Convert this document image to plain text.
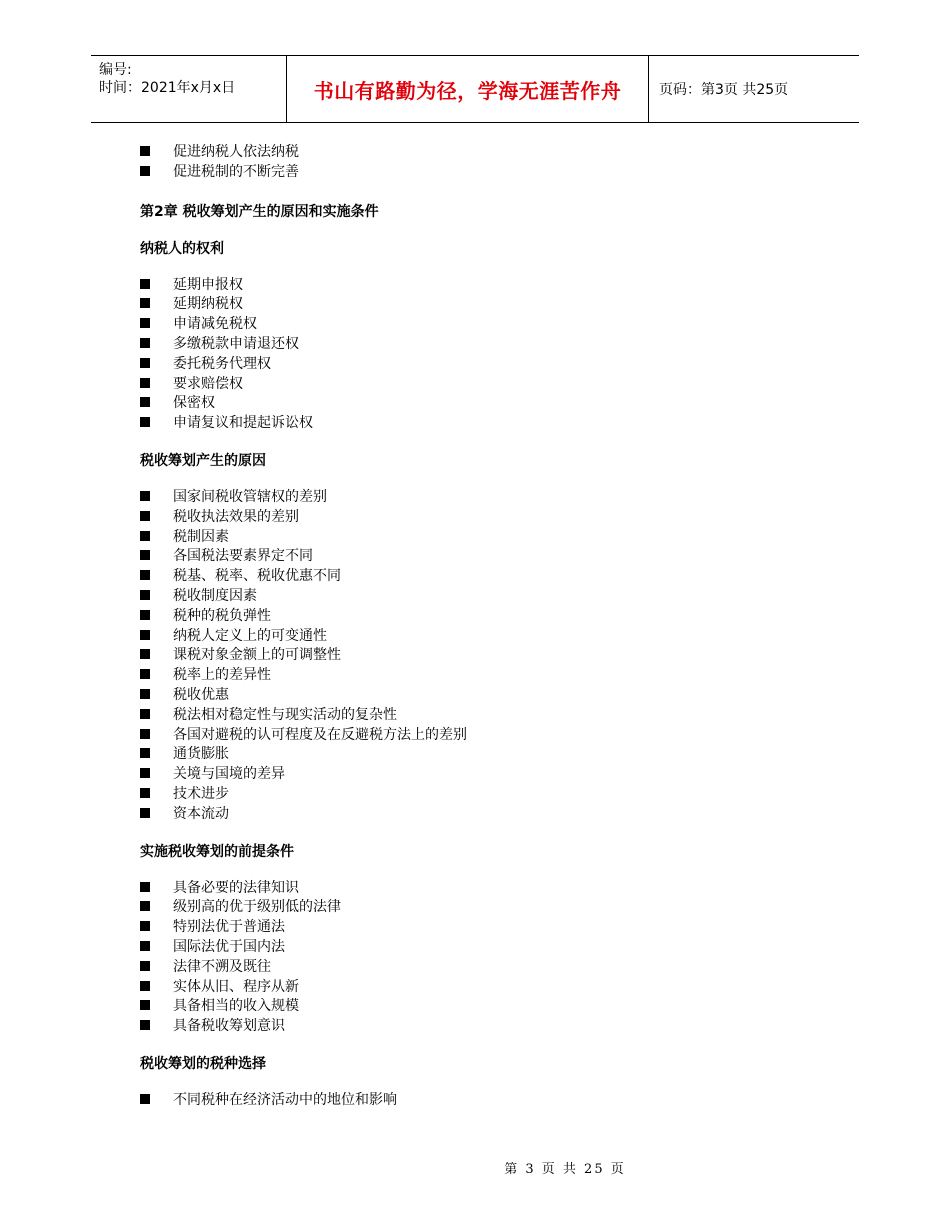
编号:
时间：2021年x月x日	书山有路勤为径，学海无涯苦作舟	页码：第3页 共25页
促进纳税人依法纳税
促进税制的不断完善
第2章 税收筹划产生的原因和实施条件
纳税人的权利
延期申报权
延期纳税权
申请减免税权
多缴税款申请退还权
委托税务代理权
要求赔偿权
保密权
申请复议和提起诉讼权
税收筹划产生的原因
国家间税收管辖权的差别
税收执法效果的差别
税制因素
各国税法要素界定不同
税基、税率、税收优惠不同
税收制度因素
税种的税负弹性
纳税人定义上的可变通性
课税对象金额上的可调整性
税率上的差异性
税收优惠
税法相对稳定性与现实活动的复杂性
各国对避税的认可程度及在反避税方法上的差别
通货膨胀
关境与国境的差异
技术进步
资本流动
实施税收筹划的前提条件
具备必要的法律知识
级别高的优于级别低的法律
特别法优于普通法
国际法优于国内法
法律不溯及既往
实体从旧、程序从新
具备相当的收入规模
具备税收筹划意识
税收筹划的税种选择
不同税种在经济活动中的地位和影响
第 3 页 共 25 页
